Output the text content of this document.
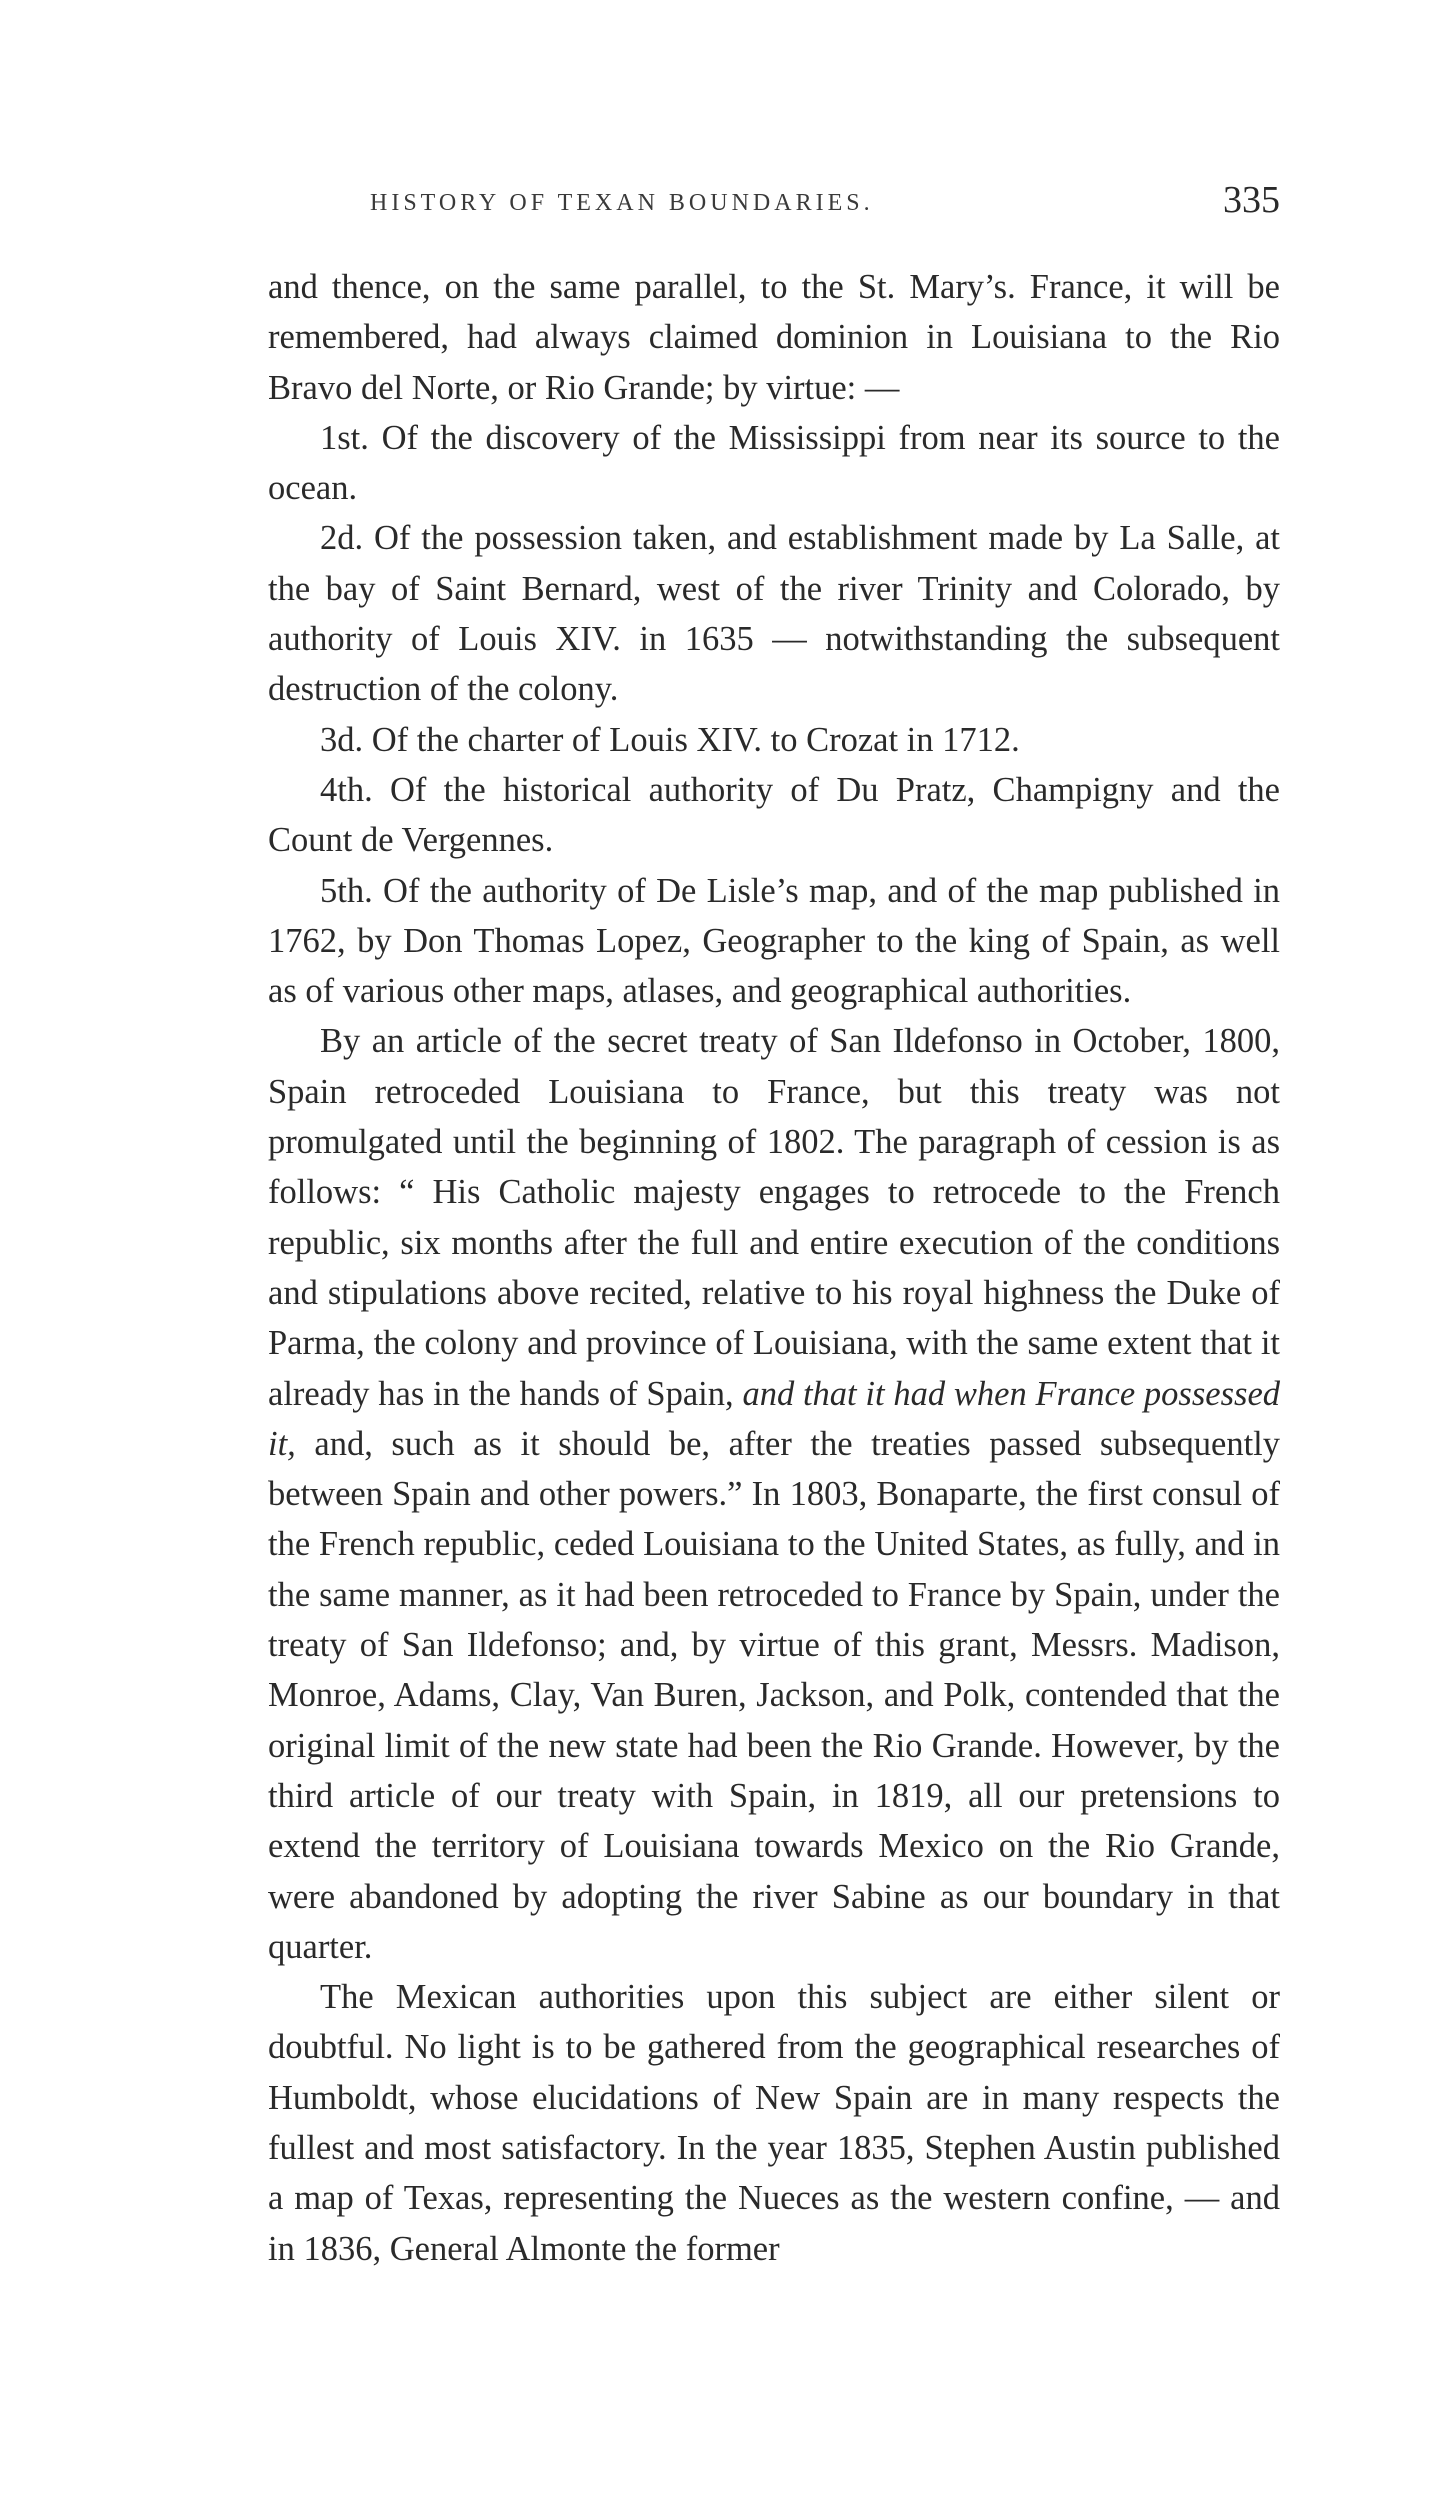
HISTORY OF TEXAN BOUNDARIES.	335

and thence, on the same parallel, to the St. Mary’s. France, it will be remembered, had always claimed dominion in Louisiana to the Rio Bravo del Norte, or Rio Grande; by virtue: —

1st. Of the discovery of the Mississippi from near its source to the ocean.

2d. Of the possession taken, and establishment made by La Salle, at the bay of Saint Bernard, west of the river Trinity and Colorado, by authority of Louis XIV. in 1635 — notwithstanding the subsequent destruction of the colony.

3d. Of the charter of Louis XIV. to Crozat in 1712.

4th. Of the historical authority of Du Pratz, Champigny and the Count de Vergennes.

5th. Of the authority of De Lisle’s map, and of the map published in 1762, by Don Thomas Lopez, Geographer to the king of Spain, as well as of various other maps, atlases, and geographical authorities.

By an article of the secret treaty of San Ildefonso in October, 1800, Spain retroceded Louisiana to France, but this treaty was not promulgated until the beginning of 1802. The paragraph of cession is as follows: “ His Catholic majesty engages to retrocede to the French republic, six months after the full and entire execution of the conditions and stipulations above recited, relative to his royal highness the Duke of Parma, the colony and province of Louisiana, with the same extent that it already has in the hands of Spain, and that it had when France possessed it, and, such as it should be, after the treaties passed subsequently between Spain and other powers.” In 1803, Bonaparte, the first consul of the French republic, ceded Louisiana to the United States, as fully, and in the same manner, as it had been retroceded to France by Spain, under the treaty of San Ildefonso; and, by virtue of this grant, Messrs. Madison, Monroe, Adams, Clay, Van Buren, Jackson, and Polk, contended that the original limit of the new state had been the Rio Grande. However, by the third article of our treaty with Spain, in 1819, all our pretensions to extend the territory of Louisiana towards Mexico on the Rio Grande, were abandoned by adopting the river Sabine as our boundary in that quarter.

The Mexican authorities upon this subject are either silent or doubtful. No light is to be gathered from the geographical researches of Humboldt, whose elucidations of New Spain are in many respects the fullest and most satisfactory. In the year 1835, Stephen Austin published a map of Texas, representing the Nueces as the western confine, — and in 1836, General Almonte the former
